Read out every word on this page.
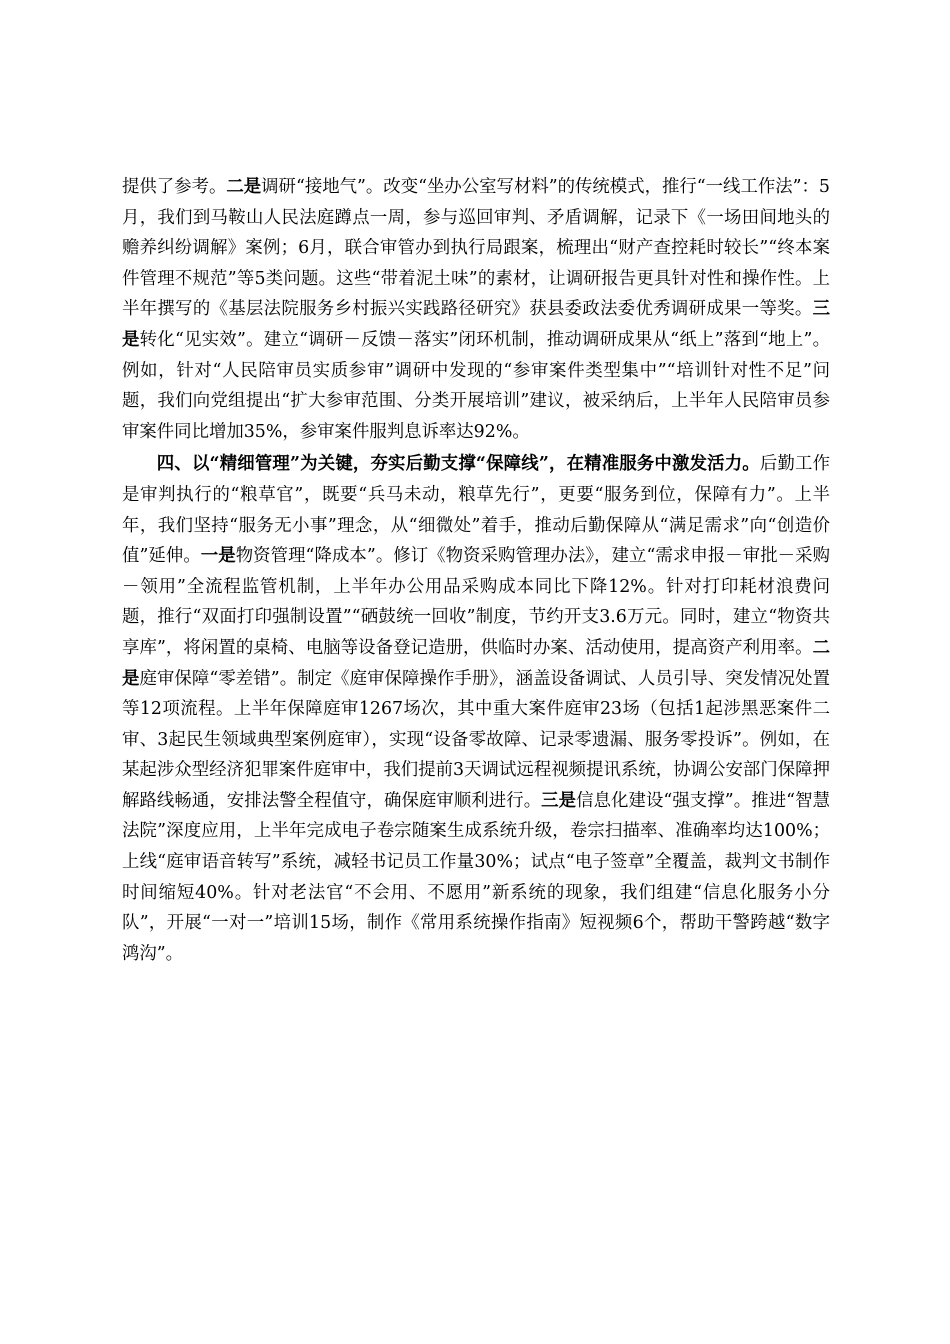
提供了参考。二是调研“接地气”。改变“坐办公室写材料”的传统模式，推行“一线工作法”：5月，我们到马鞍山人民法庭蹲点一周，参与巡回审判、矛盾调解，记录下《一场田间地头的赡养纠纷调解》案例；6月，联合审管办到执行局跟案，梳理出“财产查控耗时较长”“终本案件管理不规范”等5类问题。这些“带着泥土味”的素材，让调研报告更具针对性和操作性。上半年撰写的《基层法院服务乡村振兴实践路径研究》获县委政法委优秀调研成果一等奖。三是转化“见实效”。建立“调研－反馈－落实”闭环机制，推动调研成果从“纸上”落到“地上”。例如，针对“人民陪审员实质参审”调研中发现的“参审案件类型集中”“培训针对性不足”问题，我们向党组提出“扩大参审范围、分类开展培训”建议，被采纳后，上半年人民陪审员参审案件同比增加35%，参审案件服判息诉率达92%。

四、以“精细管理”为关键，夯实后勤支撑“保障线”，在精准服务中激发活力。后勤工作是审判执行的“粮草官”，既要“兵马未动，粮草先行”，更要“服务到位，保障有力”。上半年，我们坚持“服务无小事”理念，从“细微处”着手，推动后勤保障从“满足需求”向“创造价值”延伸。一是物资管理“降成本”。修订《物资采购管理办法》，建立“需求申报－审批－采购－领用”全流程监管机制，上半年办公用品采购成本同比下降12%。针对打印耗材浪费问题，推行“双面打印强制设置”“硒鼓统一回收”制度，节约开支3.6万元。同时，建立“物资共享库”，将闲置的桌椅、电脑等设备登记造册，供临时办案、活动使用，提高资产利用率。二是庭审保障“零差错”。制定《庭审保障操作手册》，涵盖设备调试、人员引导、突发情况处置等12项流程。上半年保障庭审1267场次，其中重大案件庭审23场（包括1起涉黑恶案件二审、3起民生领域典型案例庭审），实现“设备零故障、记录零遗漏、服务零投诉”。例如，在某起涉众型经济犯罪案件庭审中，我们提前3天调试远程视频提讯系统，协调公安部门保障押解路线畅通，安排法警全程值守，确保庭审顺利进行。三是信息化建设“强支撑”。推进“智慧法院”深度应用，上半年完成电子卷宗随案生成系统升级，卷宗扫描率、准确率均达100%；上线“庭审语音转写”系统，减轻书记员工作量30%；试点“电子签章”全覆盖，裁判文书制作时间缩短40%。针对老法官“不会用、不愿用”新系统的现象，我们组建“信息化服务小分队”，开展“一对一”培训15场，制作《常用系统操作指南》短视频6个，帮助干警跨越“数字鸿沟”。
